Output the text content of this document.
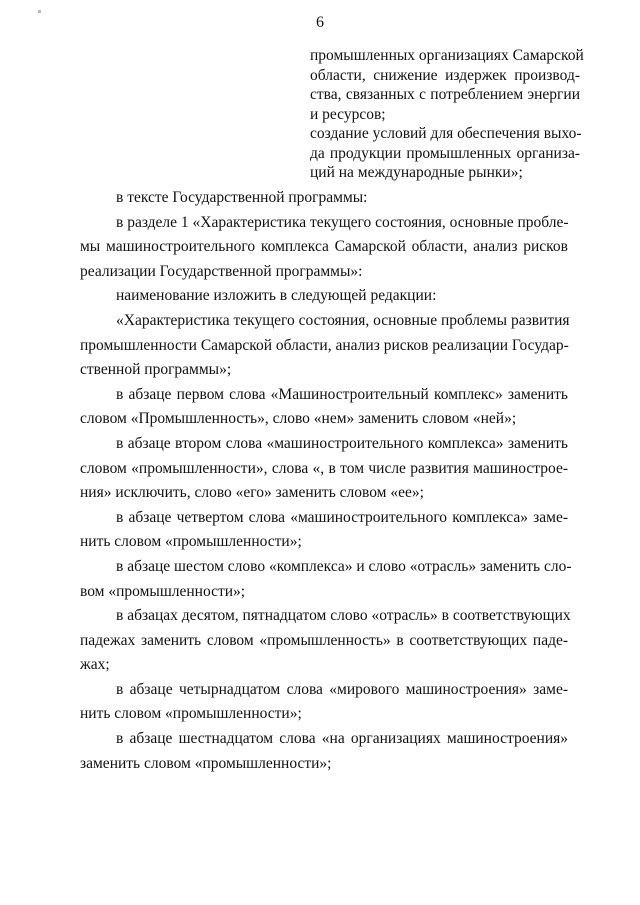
6
промышленных организациях Самарской
области, снижение издержек производ-
ства, связанных с потреблением энергии
и ресурсов;
создание условий для обеспечения выхо-
да продукции промышленных организа-
ций на международные рынки»;
в тексте Государственной программы:
в разделе 1 «Характеристика текущего состояния, основные пробле-
мы машиностроительного комплекса Самарской области, анализ рисков
реализации Государственной программы»:
наименование изложить в следующей редакции:
«Характеристика текущего состояния, основные проблемы развития
промышленности Самарской области, анализ рисков реализации Государ-
ственной программы»;
в абзаце первом слова «Машиностроительный комплекс» заменить
словом «Промышленность», слово «нем» заменить словом «ней»;
в абзаце втором слова «машиностроительного комплекса» заменить
словом «промышленности», слова «, в том числе развития машинострое-
ния» исключить, слово «его» заменить словом «ее»;
в абзаце четвертом слова «машиностроительного комплекса» заме-
нить словом «промышленности»;
в абзаце шестом слово «комплекса» и слово «отрасль» заменить сло-
вом «промышленности»;
в абзацах десятом, пятнадцатом слово «отрасль» в соответствующих
падежах заменить словом «промышленность» в соответствующих паде-
жах;
в абзаце четырнадцатом слова «мирового машиностроения» заме-
нить словом «промышленности»;
в абзаце шестнадцатом слова «на организациях машиностроения»
заменить словом «промышленности»;
